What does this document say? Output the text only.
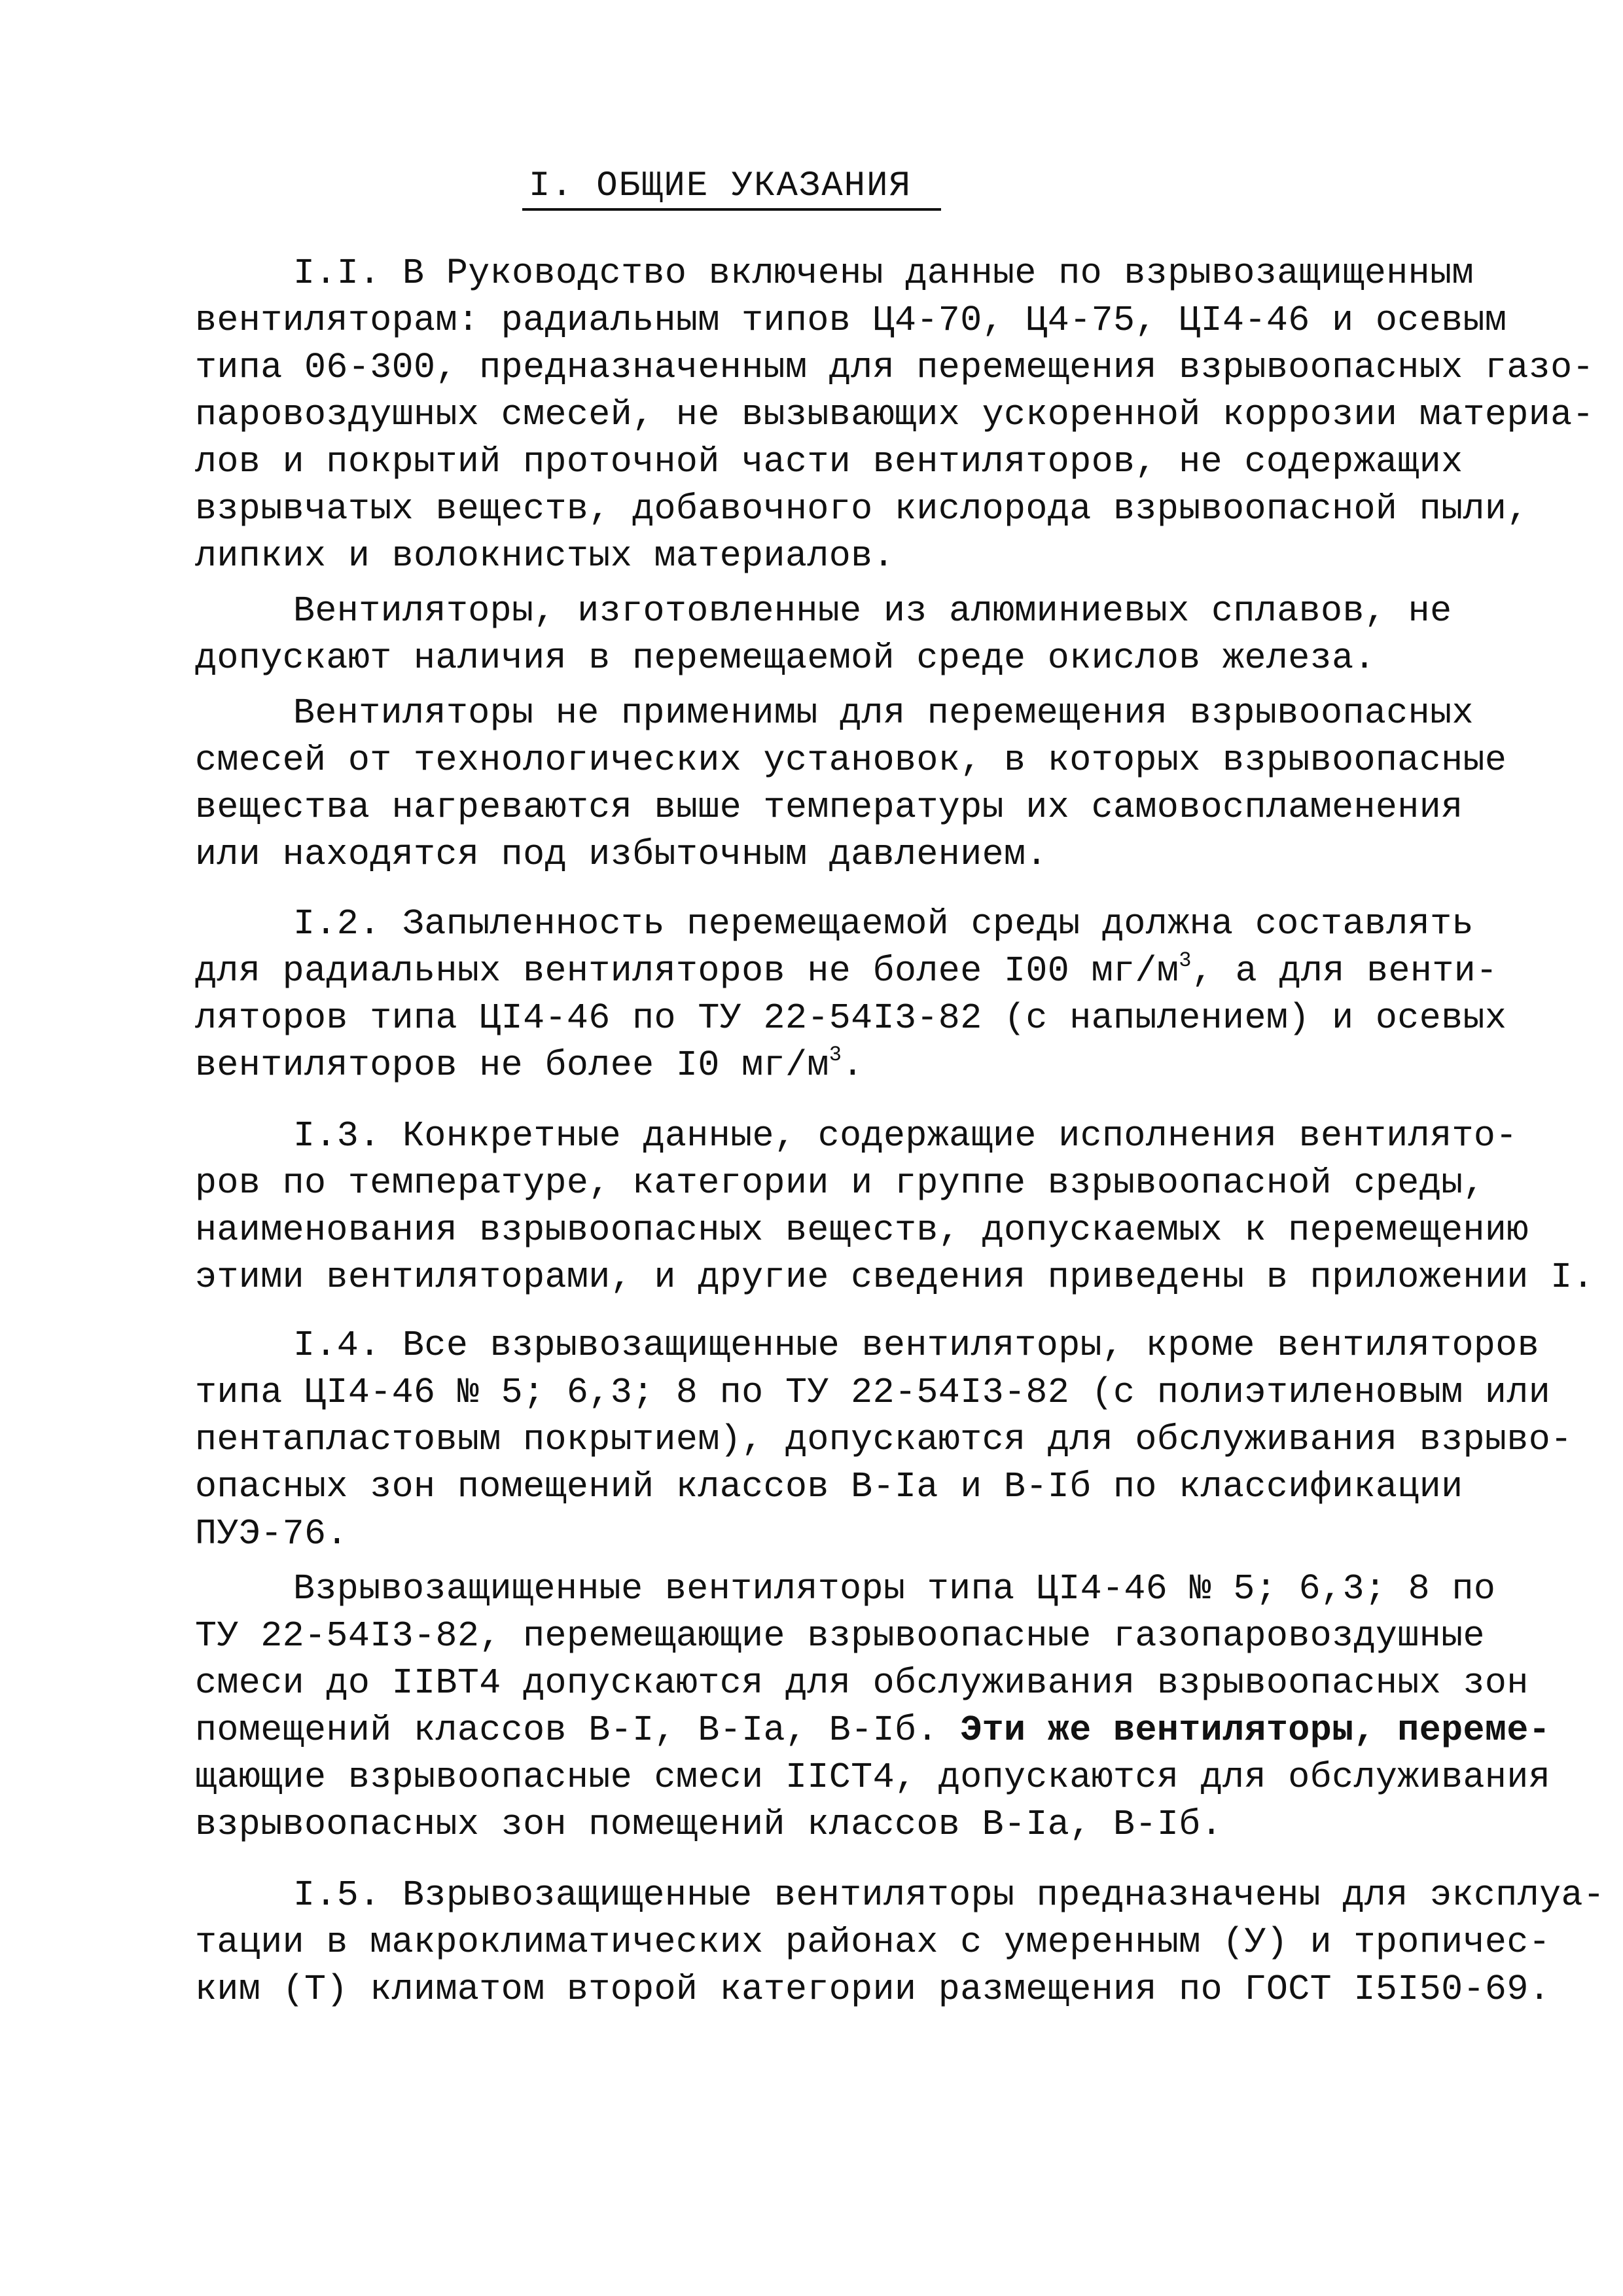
I. ОБЩИЕ УКАЗАНИЯ
I.I. В Руководство включены данные по взрывозащищенным
вентиляторам: радиальным типов Ц4-70, Ц4-75, ЦI4-46 и осевым
типа 06-300, предназначенным для перемещения взрывоопасных газо-
паровоздушных смесей, не вызывающих ускоренной коррозии материа-
лов и покрытий проточной части вентиляторов, не содержащих
взрывчатых веществ, добавочного кислорода взрывоопасной пыли,
липких и волокнистых материалов.
Вентиляторы, изготовленные из алюминиевых сплавов, не
допускают наличия в перемещаемой среде окислов железа.
Вентиляторы не применимы для перемещения взрывоопасных
смесей от технологических установок, в которых взрывоопасные
вещества нагреваются выше температуры их самовоспламенения
или находятся под избыточным давлением.
I.2. Запыленность перемещаемой среды должна составлять
для радиальных вентиляторов не более I00 $мг/м^3$, а для венти-
ляторов типа ЦI4-46 по ТУ 22-54I3-82 (с напылением) и осевых
вентиляторов не более I0 $мг/м^3$.
I.3. Конкретные данные, содержащие исполнения вентилято-
ров по температуре, категории и группе взрывоопасной среды,
наименования взрывоопасных веществ, допускаемых к перемещению
этими вентиляторами, и другие сведения приведены в приложении I.
I.4. Все взрывозащищенные вентиляторы, кроме вентиляторов
типа ЦI4-46 № 5; 6,3; 8 по ТУ 22-54I3-82 (с полиэтиленовым или
пентапластовым покрытием), допускаются для обслуживания взрыво-
опасных зон помещений классов В-Iа и В-Iб по классификации
ПУЭ-76.
Взрывозащищенные вентиляторы типа ЦI4-46 № 5; 6,3; 8 по
ТУ 22-54I3-82, перемещающие взрывоопасные газопаровоздушные
смеси до IIВТ4 допускаются для обслуживания взрывоопасных зон
помещений классов В-I, В-Iа, В-Iб. Эти же вентиляторы, переме-
щающие взрывоопасные смеси IIСТ4, допускаются для обслуживания
взрывоопасных зон помещений классов В-Iа, В-Iб.
I.5. Взрывозащищенные вентиляторы предназначены для эксплуа-
тации в макроклиматических районах с умеренным (У) и тропичес-
ким (Т) климатом второй категории размещения по ГОСТ I5I50-69.
